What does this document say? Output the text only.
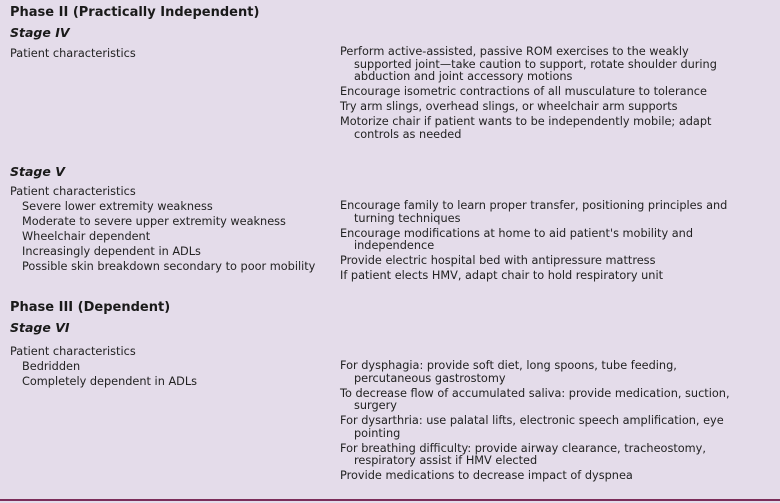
Phase II (Practically Independent)
Stage IV
Patient characteristics	Perform active-assisted, passive ROM exercises to the weakly supported joint—take caution to support, rotate shoulder during abduction and joint accessory motions
Encourage isometric contractions of all musculature to tolerance
Try arm slings, overhead slings, or wheelchair arm supports
Motorize chair if patient wants to be independently mobile; adapt controls as needed
Stage V
Patient characteristics
Severe lower extremity weakness
Moderate to severe upper extremity weakness
Wheelchair dependent
Increasingly dependent in ADLs
Possible skin breakdown secondary to poor mobility
Encourage family to learn proper transfer, positioning principles and turning techniques
Encourage modifications at home to aid patient's mobility and independence
Provide electric hospital bed with antipressure mattress
If patient elects HMV, adapt chair to hold respiratory unit
Phase III (Dependent)
Stage VI
Patient characteristics
Bedridden
Completely dependent in ADLs
For dysphagia: provide soft diet, long spoons, tube feeding, percutaneous gastrostomy
To decrease flow of accumulated saliva: provide medication, suction, surgery
For dysarthria: use palatal lifts, electronic speech amplification, eye pointing
For breathing difficulty: provide airway clearance, tracheostomy, respiratory assist if HMV elected
Provide medications to decrease impact of dyspnea
